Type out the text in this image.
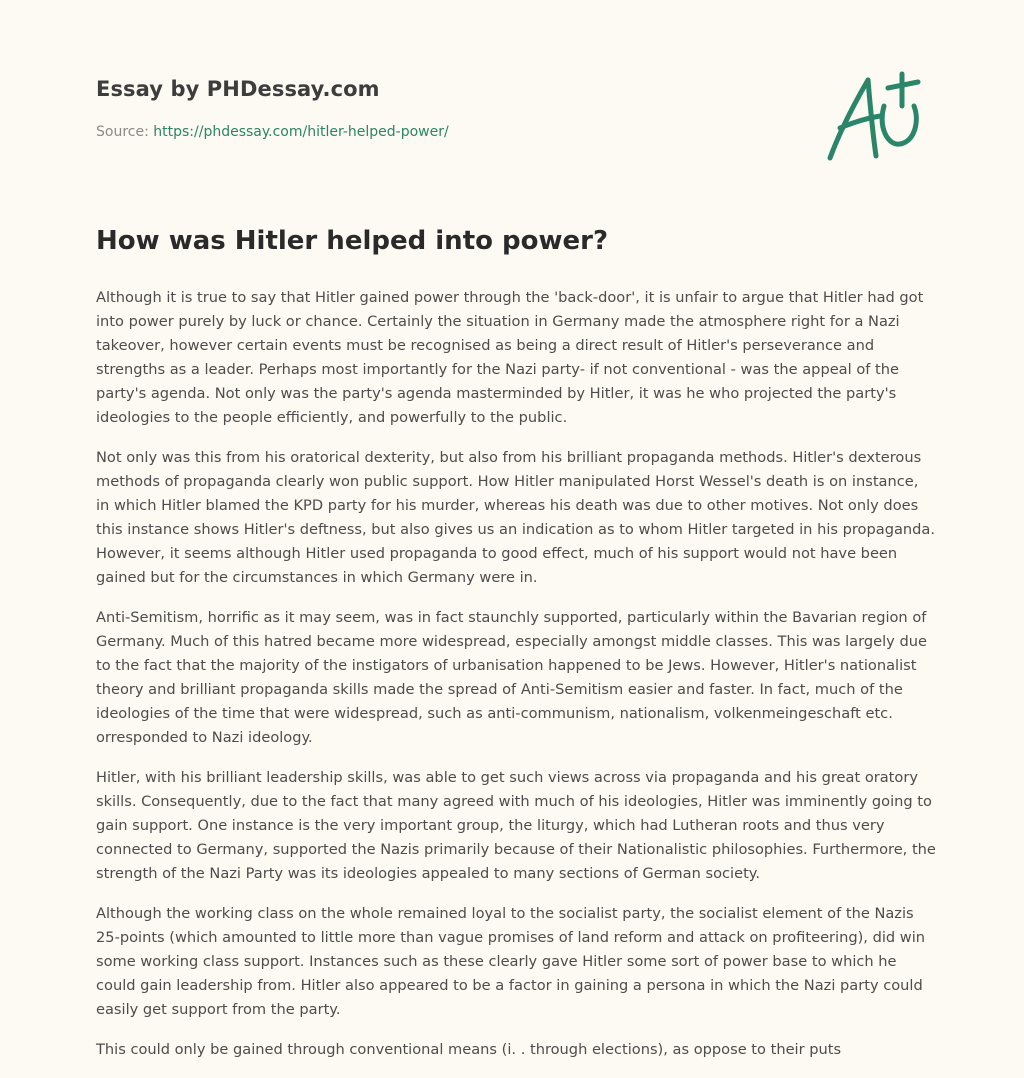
Essay by PHDessay.com
Source: https://phdessay.com/hitler-helped-power/
How was Hitler helped into power?

Although it is true to say that Hitler gained power through the 'back-door', it is unfair to argue that Hitler had got into power purely by luck or chance. Certainly the situation in Germany made the atmosphere right for a Nazi takeover, however certain events must be recognised as being a direct result of Hitler's perseverance and strengths as a leader. Perhaps most importantly for the Nazi party- if not conventional - was the appeal of the party's agenda. Not only was the party's agenda masterminded by Hitler, it was he who projected the party's ideologies to the people efficiently, and powerfully to the public.

Not only was this from his oratorical dexterity, but also from his brilliant propaganda methods. Hitler's dexterous methods of propaganda clearly won public support. How Hitler manipulated Horst Wessel's death is on instance, in which Hitler blamed the KPD party for his murder, whereas his death was due to other motives. Not only does this instance shows Hitler's deftness, but also gives us an indication as to whom Hitler targeted in his propaganda. However, it seems although Hitler used propaganda to good effect, much of his support would not have been gained but for the circumstances in which Germany were in.

Anti-Semitism, horrific as it may seem, was in fact staunchly supported, particularly within the Bavarian region of Germany. Much of this hatred became more widespread, especially amongst middle classes. This was largely due to the fact that the majority of the instigators of urbanisation happened to be Jews. However, Hitler's nationalist theory and brilliant propaganda skills made the spread of Anti-Semitism easier and faster. In fact, much of the ideologies of the time that were widespread, such as anti-communism, nationalism, volkenmeingeschaft etc. orresponded to Nazi ideology.

Hitler, with his brilliant leadership skills, was able to get such views across via propaganda and his great oratory skills. Consequently, due to the fact that many agreed with much of his ideologies, Hitler was imminently going to gain support. One instance is the very important group, the liturgy, which had Lutheran roots and thus very connected to Germany, supported the Nazis primarily because of their Nationalistic philosophies. Furthermore, the strength of the Nazi Party was its ideologies appealed to many sections of German society.

Although the working class on the whole remained loyal to the socialist party, the socialist element of the Nazis 25-points (which amounted to little more than vague promises of land reform and attack on profiteering), did win some working class support. Instances such as these clearly gave Hitler some sort of power base to which he could gain leadership from. Hitler also appeared to be a factor in gaining a persona in which the Nazi party could easily get support from the party.

This could only be gained through conventional means (i. . through elections), as oppose to their puts
